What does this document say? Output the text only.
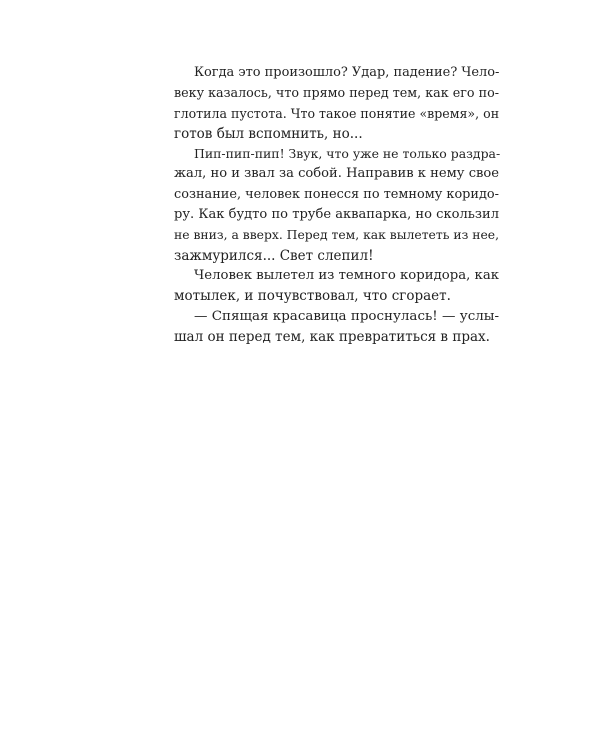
Когда это произошло? Удар, падение? Чело-
веку казалось, что прямо перед тем, как его по-
глотила пустота. Что такое понятие «время», он
готов был вспомнить, но...
Пип-пип-пип! Звук, что уже не только раздра-
жал, но и звал за собой. Направив к нему свое
сознание, человек понесся по темному коридо-
ру. Как будто по трубе аквапарка, но скользил
не вниз, а вверх. Перед тем, как вылететь из нее,
зажмурился... Свет слепил!
Человек вылетел из темного коридора, как
мотылек, и почувствовал, что сгорает.
— Спящая красавица проснулась! — услы-
шал он перед тем, как превратиться в прах.
